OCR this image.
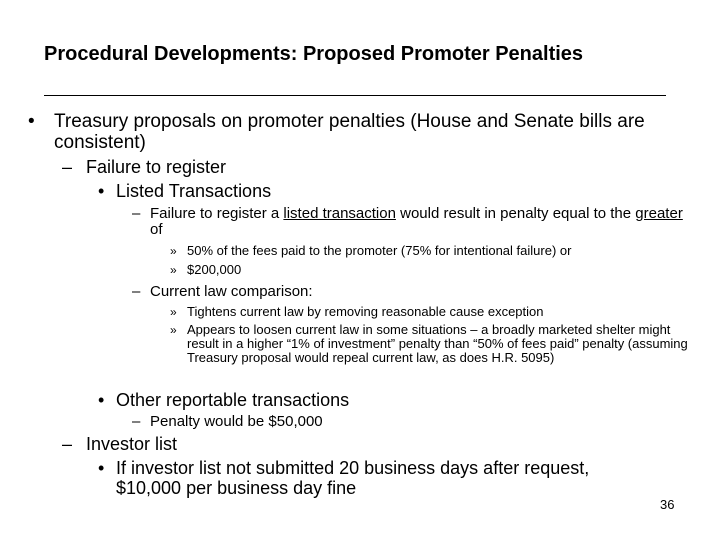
Procedural Developments: Proposed Promoter Penalties
• Treasury proposals on promoter penalties (House and Senate bills are consistent)
– Failure to register
• Listed Transactions
– Failure to register a listed transaction would result in penalty equal to the greater of
» 50% of the fees paid to the promoter (75% for intentional failure) or
» $200,000
– Current law comparison:
» Tightens current law by removing reasonable cause exception
» Appears to loosen current law in some situations – a broadly marketed shelter might result in a higher “1% of investment” penalty than “50% of fees paid” penalty (assuming Treasury proposal would repeal current law, as does H.R. 5095)
• Other reportable transactions
– Penalty would be $50,000
– Investor list
• If investor list not submitted 20 business days after request, $10,000 per business day fine
36
